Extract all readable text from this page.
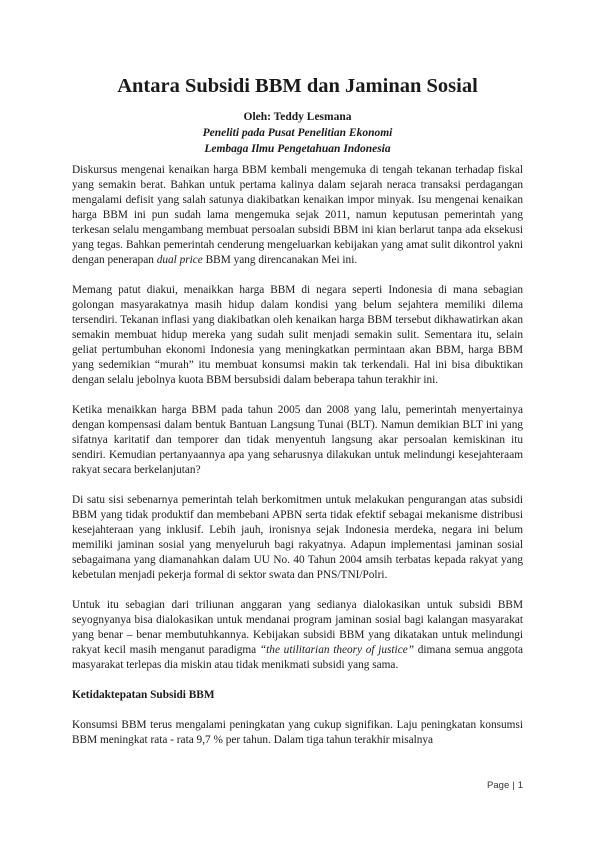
Antara Subsidi BBM dan Jaminan Sosial
Oleh: Teddy Lesmana
Peneliti pada Pusat Penelitian Ekonomi
Lembaga Ilmu Pengetahuan Indonesia

Diskursus mengenai kenaikan harga BBM kembali mengemuka di tengah tekanan terhadap fiskal yang semakin berat. Bahkan untuk pertama kalinya dalam sejarah neraca transaksi perdagangan mengalami defisit yang salah satunya diakibatkan kenaikan impor minyak. Isu mengenai kenaikan harga BBM ini pun sudah lama mengemuka sejak 2011, namun keputusan pemerintah yang terkesan selalu mengambang membuat persoalan subsidi BBM ini kian berlarut tanpa ada eksekusi yang tegas. Bahkan pemerintah cenderung mengeluarkan kebijakan yang amat sulit dikontrol yakni dengan penerapan dual price BBM yang direncanakan Mei ini.

Memang patut diakui, menaikkan harga BBM di negara seperti Indonesia di mana sebagian golongan masyarakatnya masih hidup dalam kondisi yang belum sejahtera memiliki dilema tersendiri. Tekanan inflasi yang diakibatkan oleh kenaikan harga BBM tersebut dikhawatirkan akan semakin membuat hidup mereka yang sudah sulit menjadi semakin sulit. Sementara itu, selain geliat pertumbuhan ekonomi Indonesia yang meningkatkan permintaan akan BBM, harga BBM yang sedemikian “murah” itu membuat konsumsi makin tak terkendali. Hal ini bisa dibuktikan dengan selalu jebolnya kuota BBM bersubsidi dalam beberapa tahun terakhir ini.

Ketika menaikkan harga BBM pada tahun 2005 dan 2008 yang lalu, pemerintah menyertainya dengan kompensasi dalam bentuk Bantuan Langsung Tunai (BLT). Namun demikian BLT ini yang sifatnya karitatif dan temporer dan tidak menyentuh langsung akar persoalan kemiskinan itu sendiri. Kemudian pertanyaannya apa yang seharusnya dilakukan untuk melindungi kesejahteraam rakyat secara berkelanjutan?

Di satu sisi sebenarnya pemerintah telah berkomitmen untuk melakukan pengurangan atas subsidi BBM yang tidak produktif dan membebani APBN serta tidak efektif sebagai mekanisme distribusi kesejahteraan yang inklusif. Lebih jauh, ironisnya sejak Indonesia merdeka, negara ini belum memiliki jaminan sosial yang menyeluruh bagi rakyatnya. Adapun implementasi jaminan sosial sebagaimana yang diamanahkan dalam UU No. 40 Tahun 2004 amsih terbatas kepada rakyat yang kebetulan menjadi pekerja formal di sektor swata dan PNS/TNI/Polri.

Untuk itu sebagian dari triliunan anggaran yang sedianya dialokasikan untuk subsidi BBM seyognyanya bisa dialokasikan untuk mendanai program jaminan sosial bagi kalangan masyarakat yang benar – benar membutuhkannya. Kebijakan subsidi BBM yang dikatakan untuk melindungi rakyat kecil masih menganut paradigma “the utilitarian theory of justice” dimana semua anggota masyarakat terlepas dia miskin atau tidak menikmati subsidi yang sama.

Ketidaktepatan Subsidi BBM

Konsumsi BBM terus mengalami peningkatan yang cukup signifikan. Laju peningkatan konsumsi BBM meningkat rata - rata 9,7 % per tahun. Dalam tiga tahun terakhir misalnya

Page | 1
